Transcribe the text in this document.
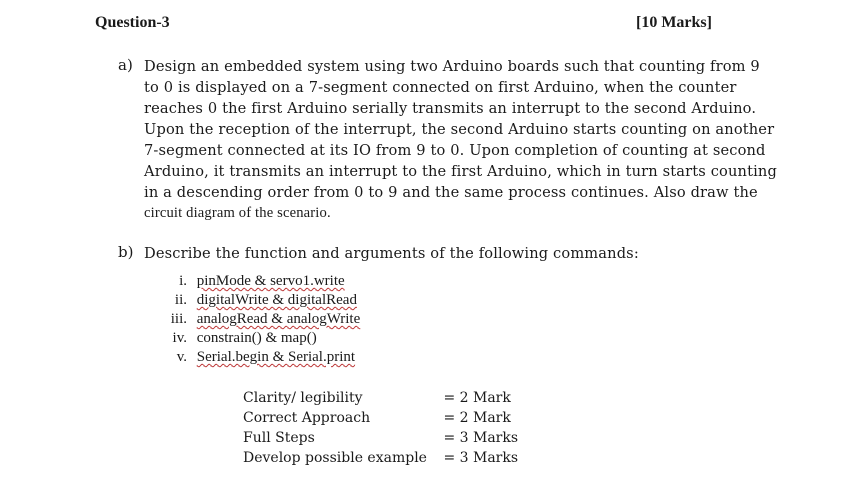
Question-3	[10 Marks]
a) Design an embedded system using two Arduino boards such that counting from 9
to 0 is displayed on a 7-segment connected on first Arduino, when the counter
reaches 0 the first Arduino serially transmits an interrupt to the second Arduino.
Upon the reception of the interrupt, the second Arduino starts counting on another
7-segment connected at its IO from 9 to 0. Upon completion of counting at second
Arduino, it transmits an interrupt to the first Arduino, which in turn starts counting
in a descending order from 0 to 9 and the same process continues. Also draw the
circuit diagram of the scenario.
b) Describe the function and arguments of the following commands:
i. pinMode & servo1.write
ii. digitalWrite & digitalRead
iii. analogRead & analogWrite
iv. constrain() & map()
v. Serial.begin & Serial.print
Clarity/ legibility	= 2 Mark
Correct Approach	= 2 Mark
Full Steps	= 3 Marks
Develop possible example = 3 Marks
